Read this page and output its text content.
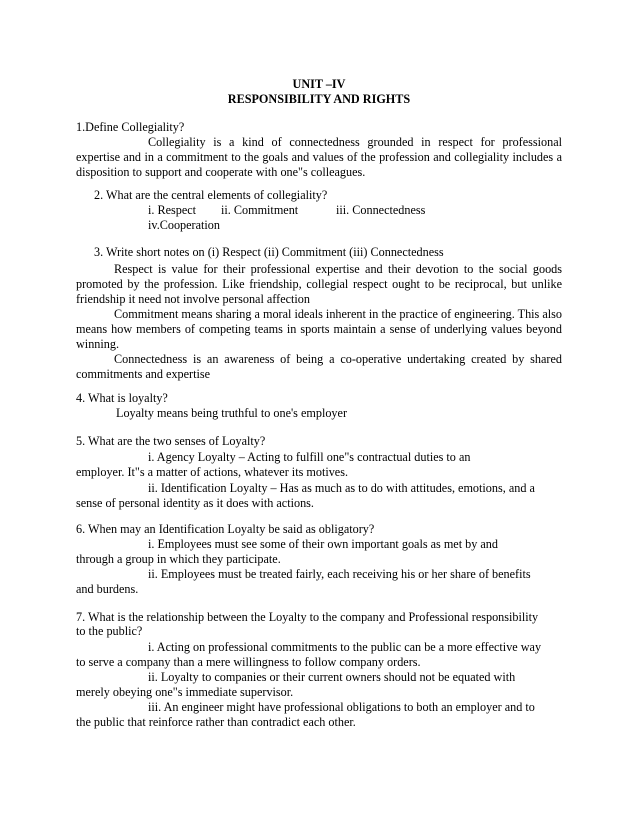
UNIT –IV
RESPONSIBILITY AND RIGHTS

1.Define Collegiality?

Collegiality is a kind of connectedness grounded in respect for professional expertise and in a commitment to the goals and values of the profession and collegiality includes a disposition to support and cooperate with one"s colleagues.

2. What are the central elements of collegiality?

i. Respect ii. Commitment	iii. Connectedness

iv.Cooperation

3. Write short notes on (i) Respect (ii) Commitment (iii) Connectedness

Respect is value for their professional expertise and their devotion to the social goods promoted by the profession. Like friendship, collegial respect ought to be reciprocal, but unlike friendship it need not involve personal affection

Commitment means sharing a moral ideals inherent in the practice of engineering. This also means how members of competing teams in sports maintain a sense of underlying values beyond winning.

Connectedness is an awareness of being a co-operative undertaking created by shared commitments and expertise

4. What is loyalty?

Loyalty means being truthful to one's employer

5. What are the two senses of Loyalty?

i. Agency Loyalty – Acting to fulfill one"s contractual duties to an

employer. It"s a matter of actions, whatever its motives.

ii. Identification Loyalty – Has as much as to do with attitudes, emotions, and a

sense of personal identity as it does with actions.

6. When may an Identification Loyalty be said as obligatory?

i. Employees must see some of their own important goals as met by and

through a group in which they participate.

ii. Employees must be treated fairly, each receiving his or her share of benefits

and burdens.

7. What is the relationship between the Loyalty to the company and Professional responsibility

to the public?

i. Acting on professional commitments to the public can be a more effective way

to serve a company than a mere willingness to follow company orders.

ii. Loyalty to companies or their current owners should not be equated with

merely obeying one"s immediate supervisor.

iii. An engineer might have professional obligations to both an employer and to

the public that reinforce rather than contradict each other.
